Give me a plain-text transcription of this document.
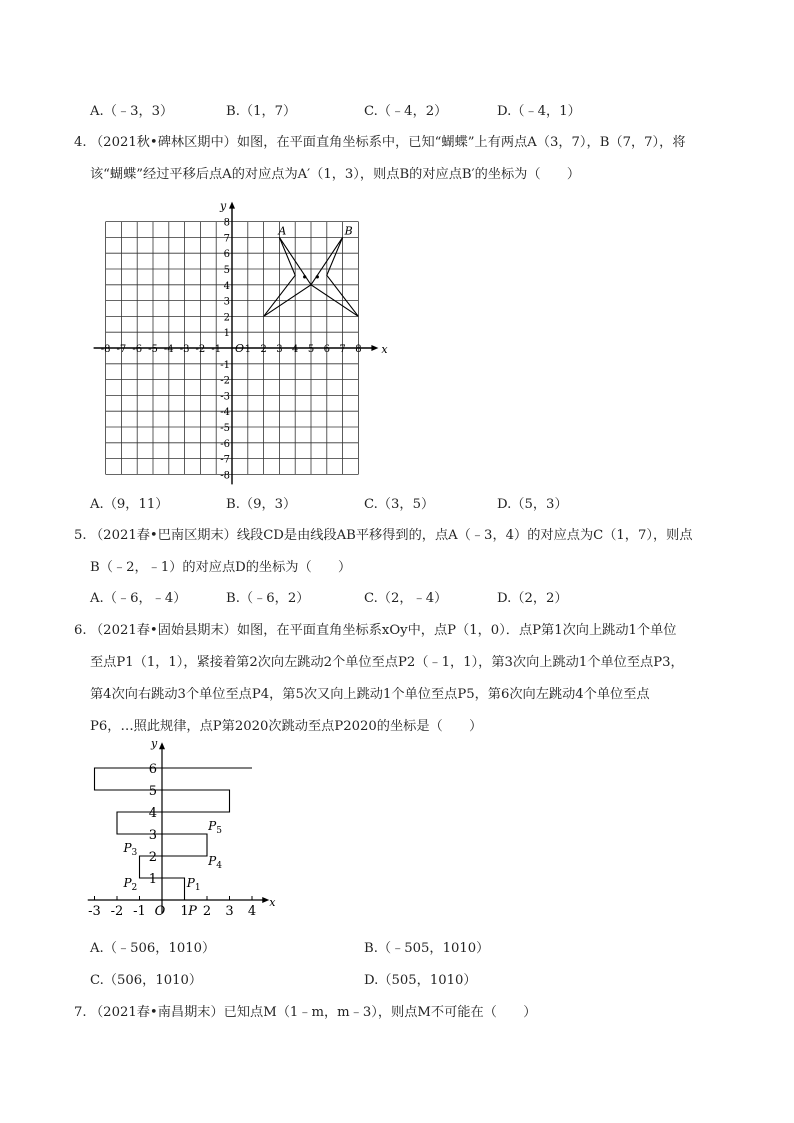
A.（﹣3，3）	B.（1，7）	C.（﹣4，2）	D.（﹣4，1）
4. （2021秋•碑林区期中）如图，在平面直角坐标系中，已知“蝴蝶”上有两点A（3，7），B（7，7），将
该“蝴蝶”经过平移后点A的对应点为A′（1，3），则点B的对应点B′的坐标为（　　）
x
y
O
-8 -7 -6 -5 -4 -3 -2 -1 1 2 3 4 5 6 7 8
8
7
6
5
4
3
2
1
-1
-2
-3
-4
-5
-6
-7
-8
A	B
A.（9，11）	B.（9，3）	C.（3，5）	D.（5，3）
5. （2021春•巴南区期末）线段CD是由线段AB平移得到的，点A（﹣3，4）的对应点为C（1，7），则点
B（﹣2，﹣1）的对应点D的坐标为（　　）
A.（﹣6，﹣4）	B.（﹣6，2）	C.（2，﹣4）	D.（2，2）
6. （2021春•固始县期末）如图，在平面直角坐标系xOy中，点P（1，0）．点P第1次向上跳动1个单位
至点P1（1，1），紧接着第2次向左跳动2个单位至点P2（﹣1，1），第3次向上跳动1个单位至点P3，
第4次向右跳动3个单位至点P4，第5次又向上跳动1个单位至点P5，第6次向左跳动4个单位至点
P6，…照此规律，点P第2020次跳动至点P2020的坐标是（　　）
x
y
O
-3 -2 -1	1 2 3 4
1
2
3
4
5
6
P
$P_1$
$P_2$
$P_3$
$P_4$
$P_5$
A.（﹣506，1010）	B.（﹣505，1010）
C.（506，1010）	D.（505，1010）
7. （2021春•南昌期末）已知点M（1﹣m，m﹣3），则点M不可能在（　　）
